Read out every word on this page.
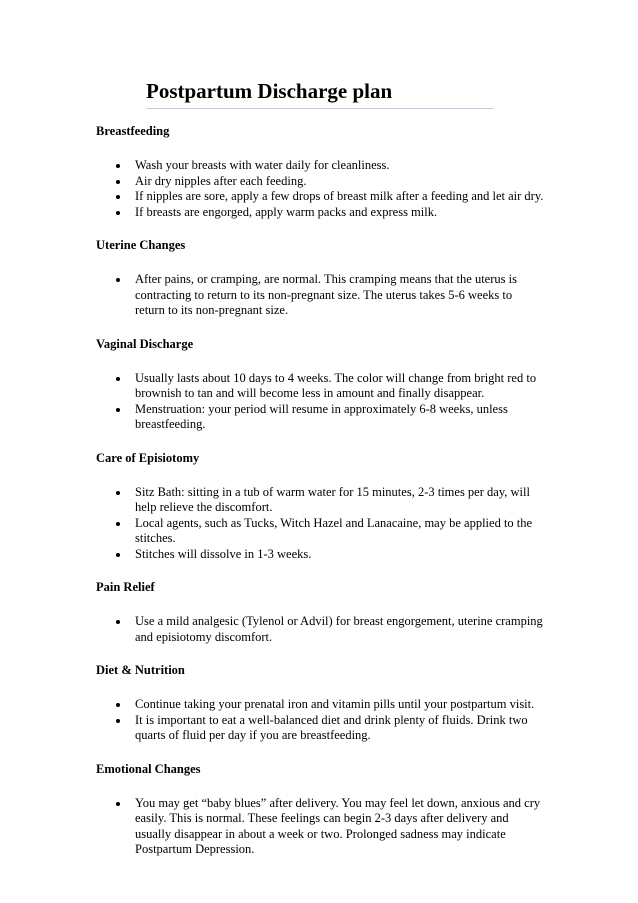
Postpartum Discharge plan
Breastfeeding
Wash your breasts with water daily for cleanliness.
Air dry nipples after each feeding.
If nipples are sore, apply a few drops of breast milk after a feeding and let air dry.
If breasts are engorged, apply warm packs and express milk.
Uterine Changes
After pains, or cramping, are normal. This cramping means that the uterus is contracting to return to its non-pregnant size. The uterus takes 5-6 weeks to return to its non-pregnant size.
Vaginal Discharge
Usually lasts about 10 days to 4 weeks. The color will change from bright red to brownish to tan and will become less in amount and finally disappear.
Menstruation: your period will resume in approximately 6-8 weeks, unless breastfeeding.
Care of Episiotomy
Sitz Bath: sitting in a tub of warm water for 15 minutes, 2-3 times per day, will help relieve the discomfort.
Local agents, such as Tucks, Witch Hazel and Lanacaine, may be applied to the stitches.
Stitches will dissolve in 1-3 weeks.
Pain Relief
Use a mild analgesic (Tylenol or Advil) for breast engorgement, uterine cramping and episiotomy discomfort.
Diet & Nutrition
Continue taking your prenatal iron and vitamin pills until your postpartum visit.
It is important to eat a well-balanced diet and drink plenty of fluids. Drink two quarts of fluid per day if you are breastfeeding.
Emotional Changes
You may get “baby blues” after delivery. You may feel let down, anxious and cry easily. This is normal. These feelings can begin 2-3 days after delivery and usually disappear in about a week or two. Prolonged sadness may indicate Postpartum Depression.
